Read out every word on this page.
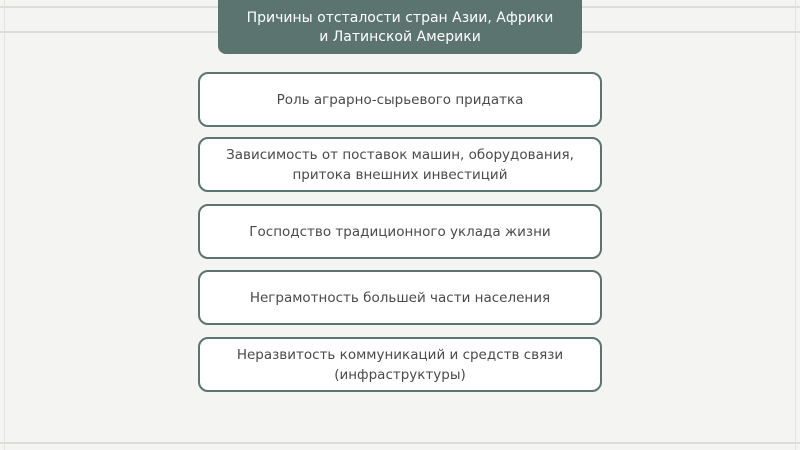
Причины отсталости стран Азии, Африки
и Латинской Америки
Роль аграрно-сырьевого придатка
Зависимость от поставок машин, оборудования,
притока внешних инвестиций
Господство традиционного уклада жизни
Неграмотность большей части населения
Неразвитость коммуникаций и средств связи
(инфраструктуры)
